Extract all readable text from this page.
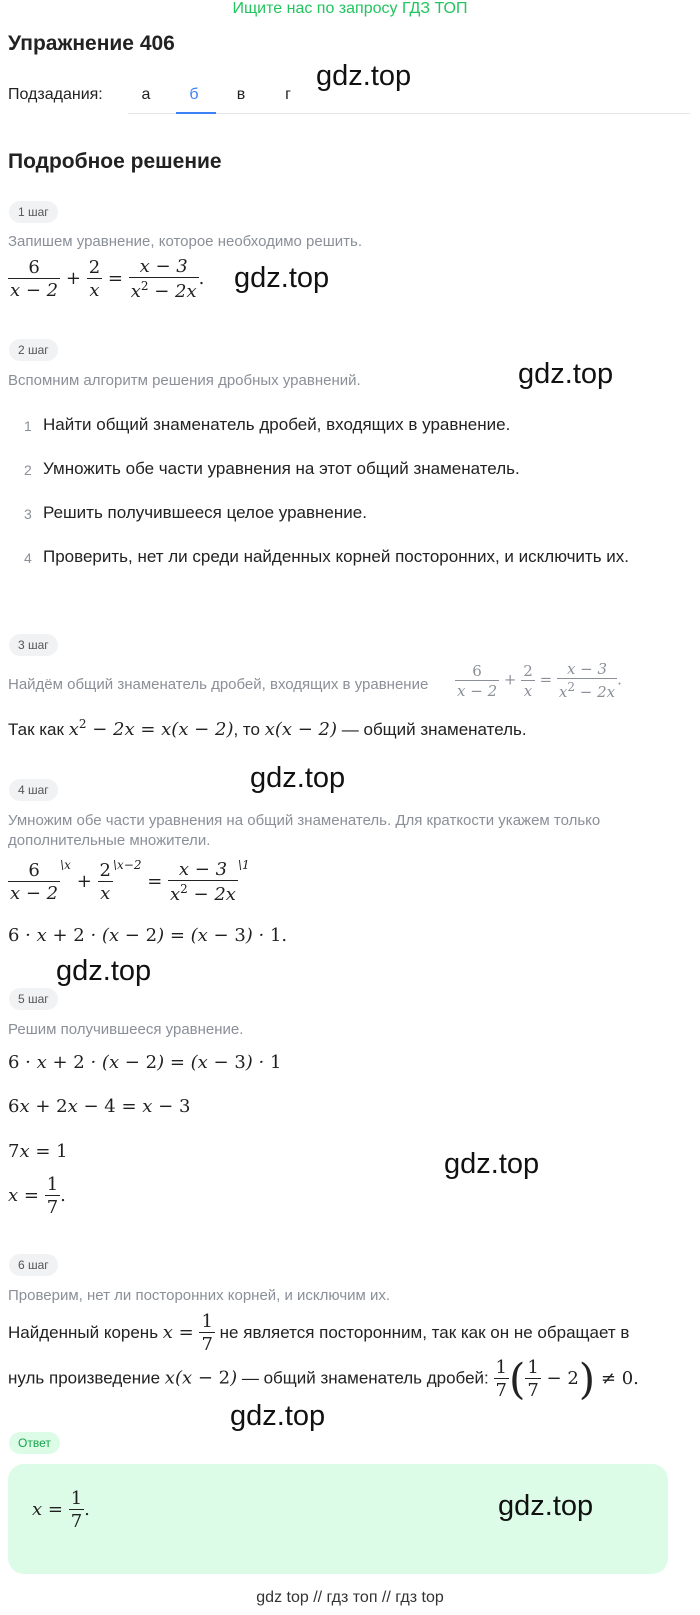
Ищите нас по запросу ГДЗ ТОП
Упражнение 406
Подзадания:	а	б	в	г
gdz.top
Подробное решение
1 шаг
Запишем уравнение, которое необходимо решить.
$\frac{6}{x - 2} + \frac{2}{x} = \frac{x - 3}{x^2 - 2x}$ . gdz.top
2 шаг
Вспомним алгоритм решения дробных уравнений.	gdz.top
1 Найти общий знаменатель дробей, входящих в уравнение.
2 Умножить обе части уравнения на этот общий знаменатель.
3 Решить получившееся целое уравнение.
4 Проверить, нет ли среди найденных корней посторонних, и исключить их.
3 шаг
Найдём общий знаменатель дробей, входящих в уравнение $\frac{6}{x - 2} + \frac{2}{x} = \frac{x - 3}{x^2 - 2x}$ .
Так как $x^2 - 2x = x(x - 2)$, то x(x − 2) — общий знаменатель.
gdz.top
4 шаг
Умножим обе части уравнения на общий знаменатель. Для краткости укажем только
дополнительные множители.
$\frac{6}{x - 2} ^{\backslash x} + \frac{2}{x} ^{\backslash x-2} = \frac{x - 3}{x^2 - 2x} ^{\backslash 1}$
6 · x + 2 · (x − 2) = (x − 3) · 1.
gdz.top
5 шаг
Решим получившееся уравнение.
6 · x + 2 · (x − 2) = (x − 3) · 1
6x + 2x − 4 = x − 3
7x = 1
$x = \frac{1}{7}$ .
gdz.top
6 шаг
Проверим, нет ли посторонних корней, и исключим их.
Найденный корень $x = \frac{1}{7}$ не является посторонним, так как он не обращает в
нуль произведение x(x − 2) — общий знаменатель дробей: $\frac{1}{7}$ ( $\frac{1}{7} - 2) \ne 0$.
gdz.top
Ответ
$x = \frac{1}{7}$ .	gdz.top
gdz top // гдз топ // гдз top
